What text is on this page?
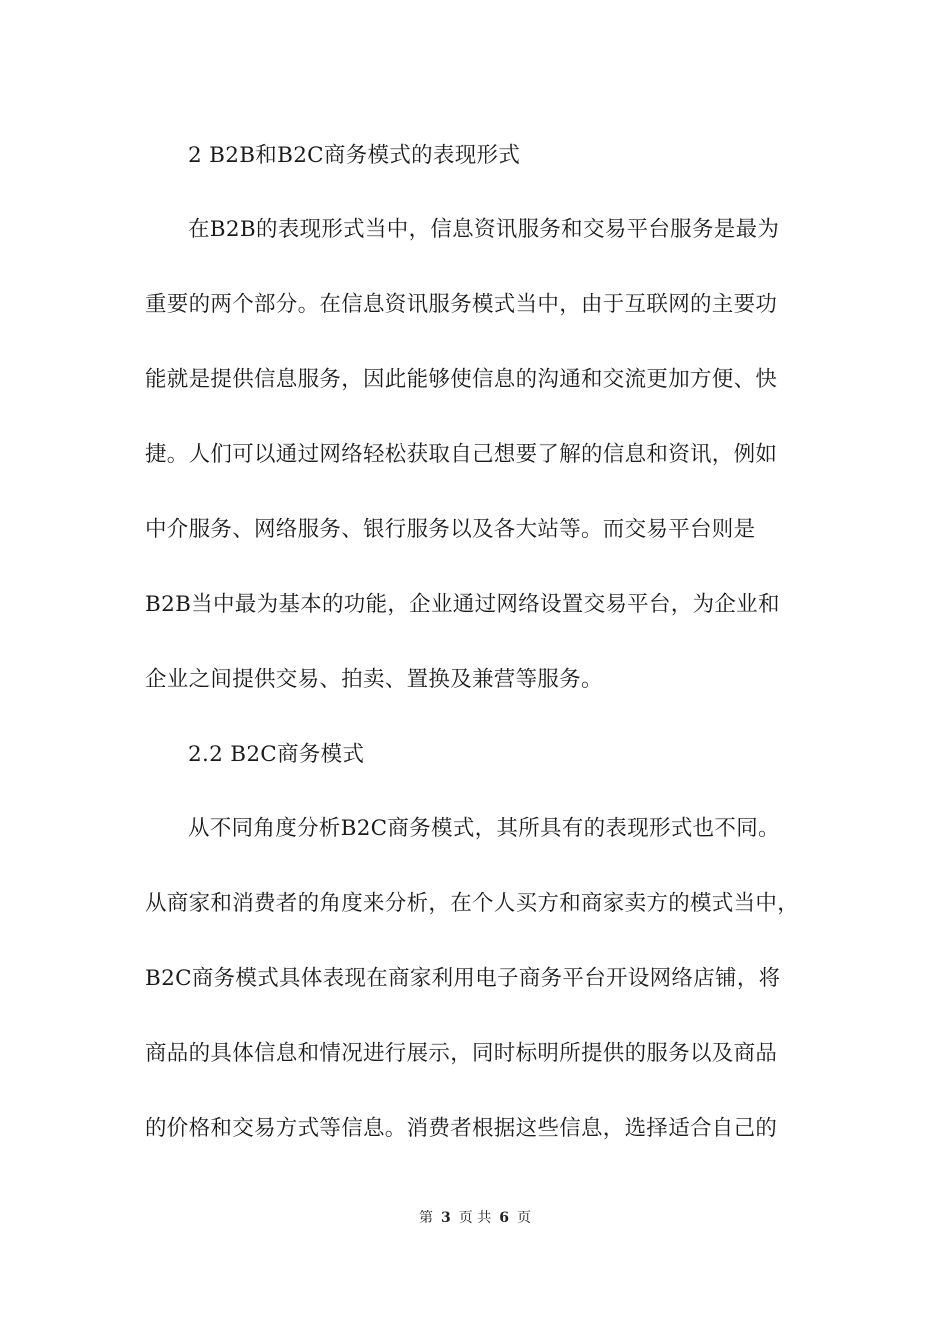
2 B2B和B2C商务模式的表现形式
在B2B的表现形式当中，信息资讯服务和交易平台服务是最为
重要的两个部分。在信息资讯服务模式当中，由于互联网的主要功
能就是提供信息服务，因此能够使信息的沟通和交流更加方便、快
捷。人们可以通过网络轻松获取自己想要了解的信息和资讯，例如
中介服务、网络服务、银行服务以及各大站等。而交易平台则是
B2B当中最为基本的功能，企业通过网络设置交易平台，为企业和
企业之间提供交易、拍卖、置换及兼营等服务。
2.2 B2C商务模式
从不同角度分析B2C商务模式，其所具有的表现形式也不同。
从商家和消费者的角度来分析，在个人买方和商家卖方的模式当中，
B2C商务模式具体表现在商家利用电子商务平台开设网络店铺，将
商品的具体信息和情况进行展示，同时标明所提供的服务以及商品
的价格和交易方式等信息。消费者根据这些信息，选择适合自己的
第 3 页 共 6 页
